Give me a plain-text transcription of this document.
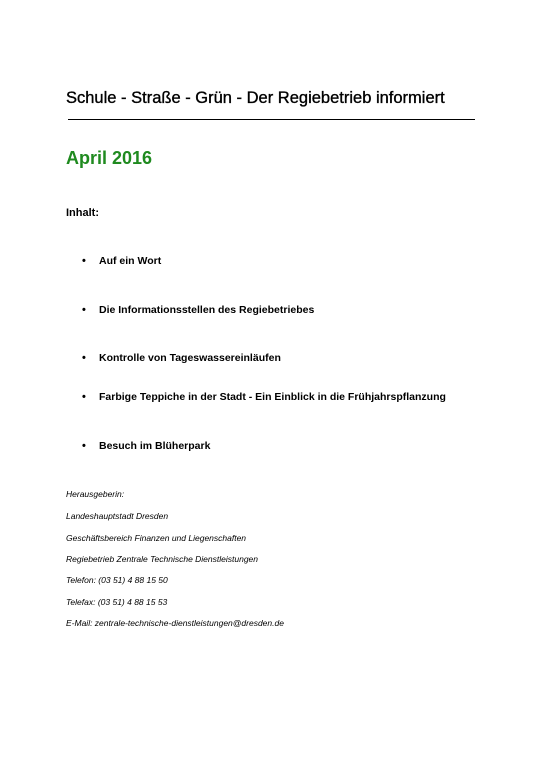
Schule - Straße - Grün - Der Regiebetrieb informiert
April 2016
Inhalt:
• Auf ein Wort
• Die Informationsstellen des Regiebetriebes
• Kontrolle von Tageswassereinläufen
• Farbige Teppiche in der Stadt - Ein Einblick in die Frühjahrspflanzung
• Besuch im Blüherpark

Herausgeberin:

Landeshauptstadt Dresden

Geschäftsbereich Finanzen und Liegenschaften

Regiebetrieb Zentrale Technische Dienstleistungen

Telefon: (03 51) 4 88 15 50

Telefax: (03 51) 4 88 15 53

E-Mail: zentrale-technische-dienstleistungen@dresden.de
